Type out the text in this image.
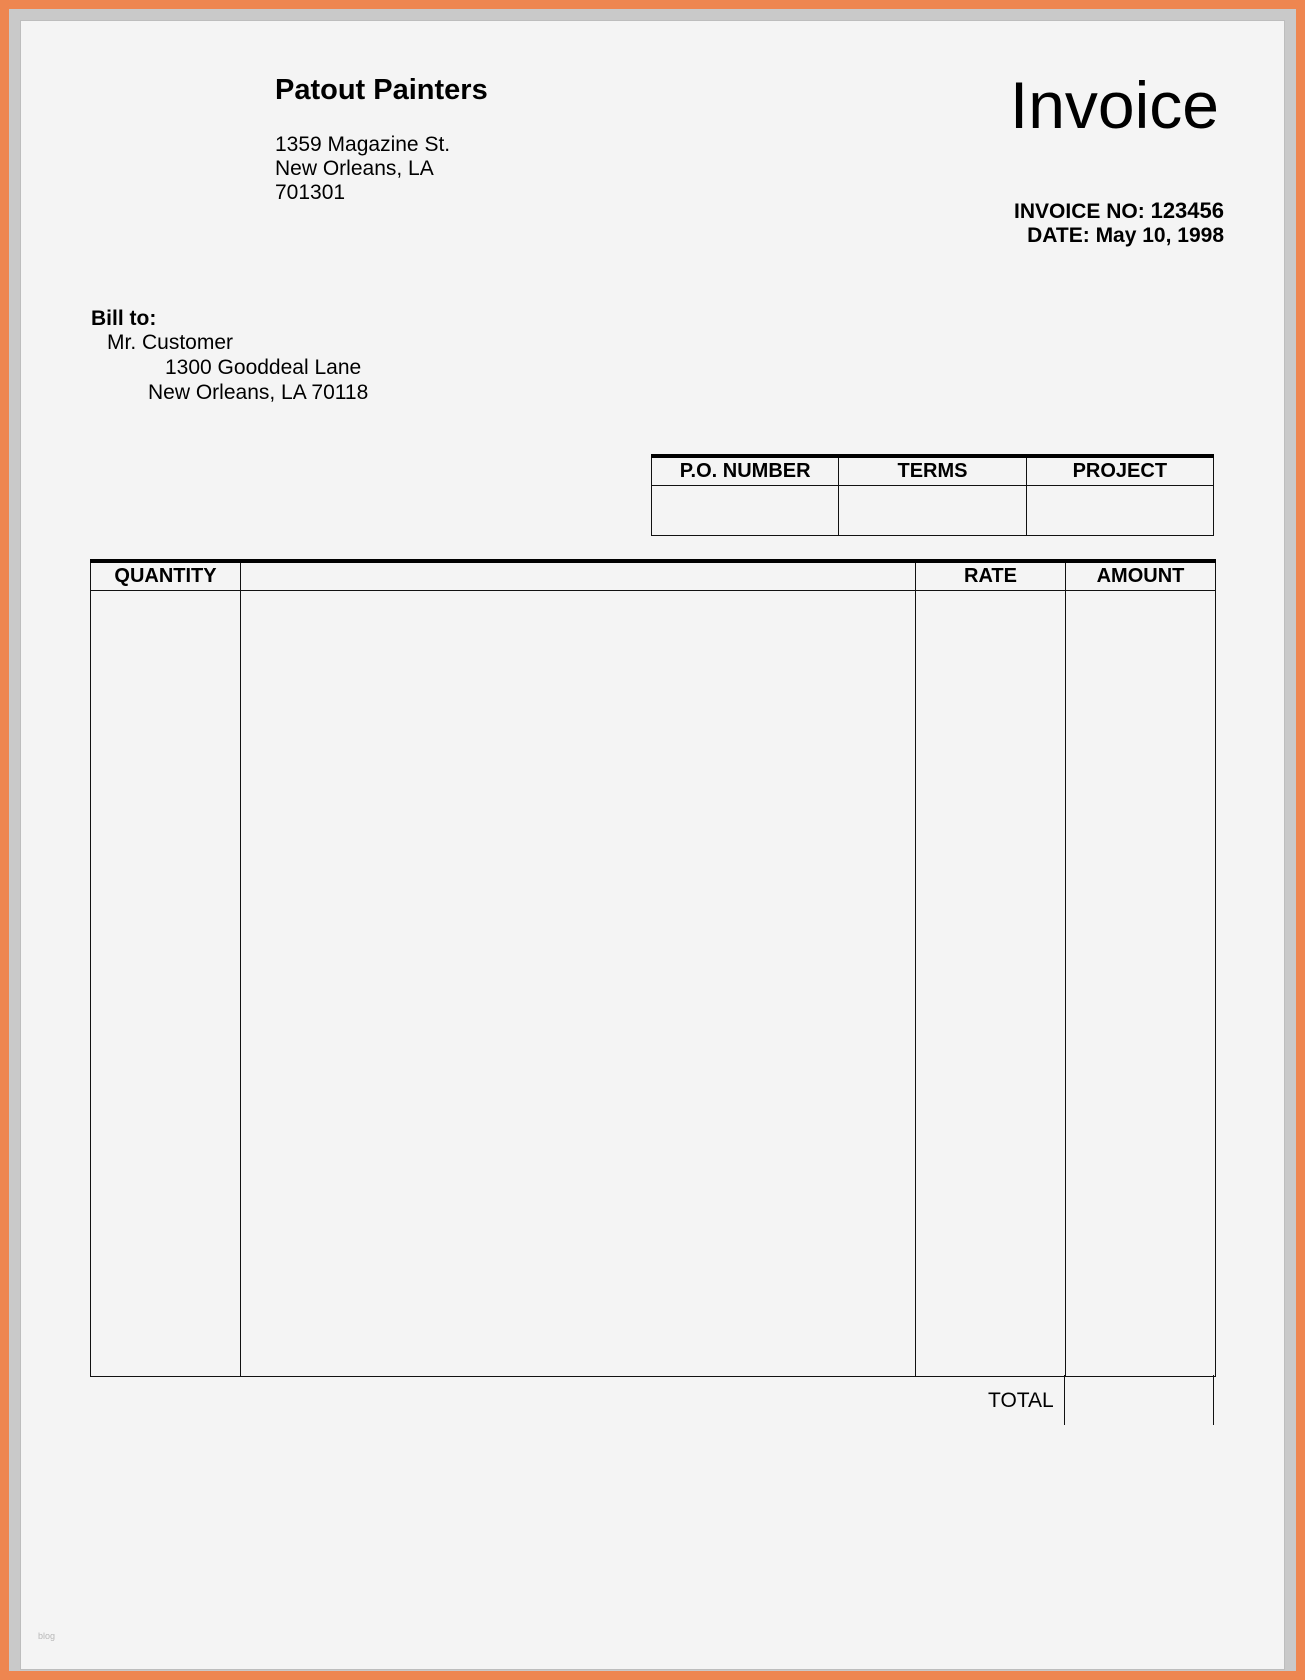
Patout Painters
1359 Magazine St.
New Orleans, LA
701301
Invoice
INVOICE NO: 123456
DATE: May 10, 1998
Bill to:
Mr. Customer
1300 Gooddeal Lane
New Orleans, LA 70118
P.O. NUMBER	TERMS	PROJECT

QUANTITY		RATE	AMOUNT

TOTAL
blog
